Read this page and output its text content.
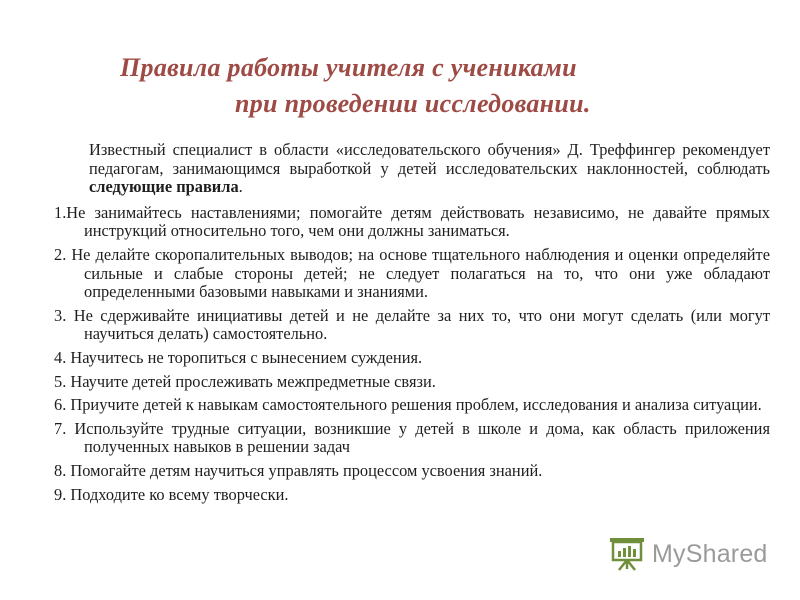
Правила работы учителя с учениками
при проведении исследовании.

Известный специалист в области «исследовательского обучения» Д. Трeффингер рекомендует педагогам, занимающимся выработкой у детей исследовательских наклонностей, соблюдать следующие правила.

1.Не занимайтесь наставлениями; помогайте детям действовать независимо, не давайте прямых инструкций относительно того, чем они должны заниматься.

2. Не делайте скоропалительных выводов; на основе тщательного наблюдения и оценки определяйте сильные и слабые стороны детей; не следует полагаться на то, что они уже обладают определенными базовыми навыками и знаниями.

3. Не сдерживайте инициативы детей и не делайте за них то, что они могут сделать (или могут научиться делать) самостоятельно.

4. Научитесь не торопиться с вынесением суждения.

5. Научите детей прослеживать межпредметные связи.

6. Приучите детей к навыкам самостоятельного решения проблем, исследования и анализа ситуации.

7. Используйте трудные ситуации, возникшие у детей в школе и дома, как область приложения полученных навыков в решении задач

8. Помогайте детям научиться управлять процессом усвоения знаний.

9. Подходите ко всему творчески.

MyShared
